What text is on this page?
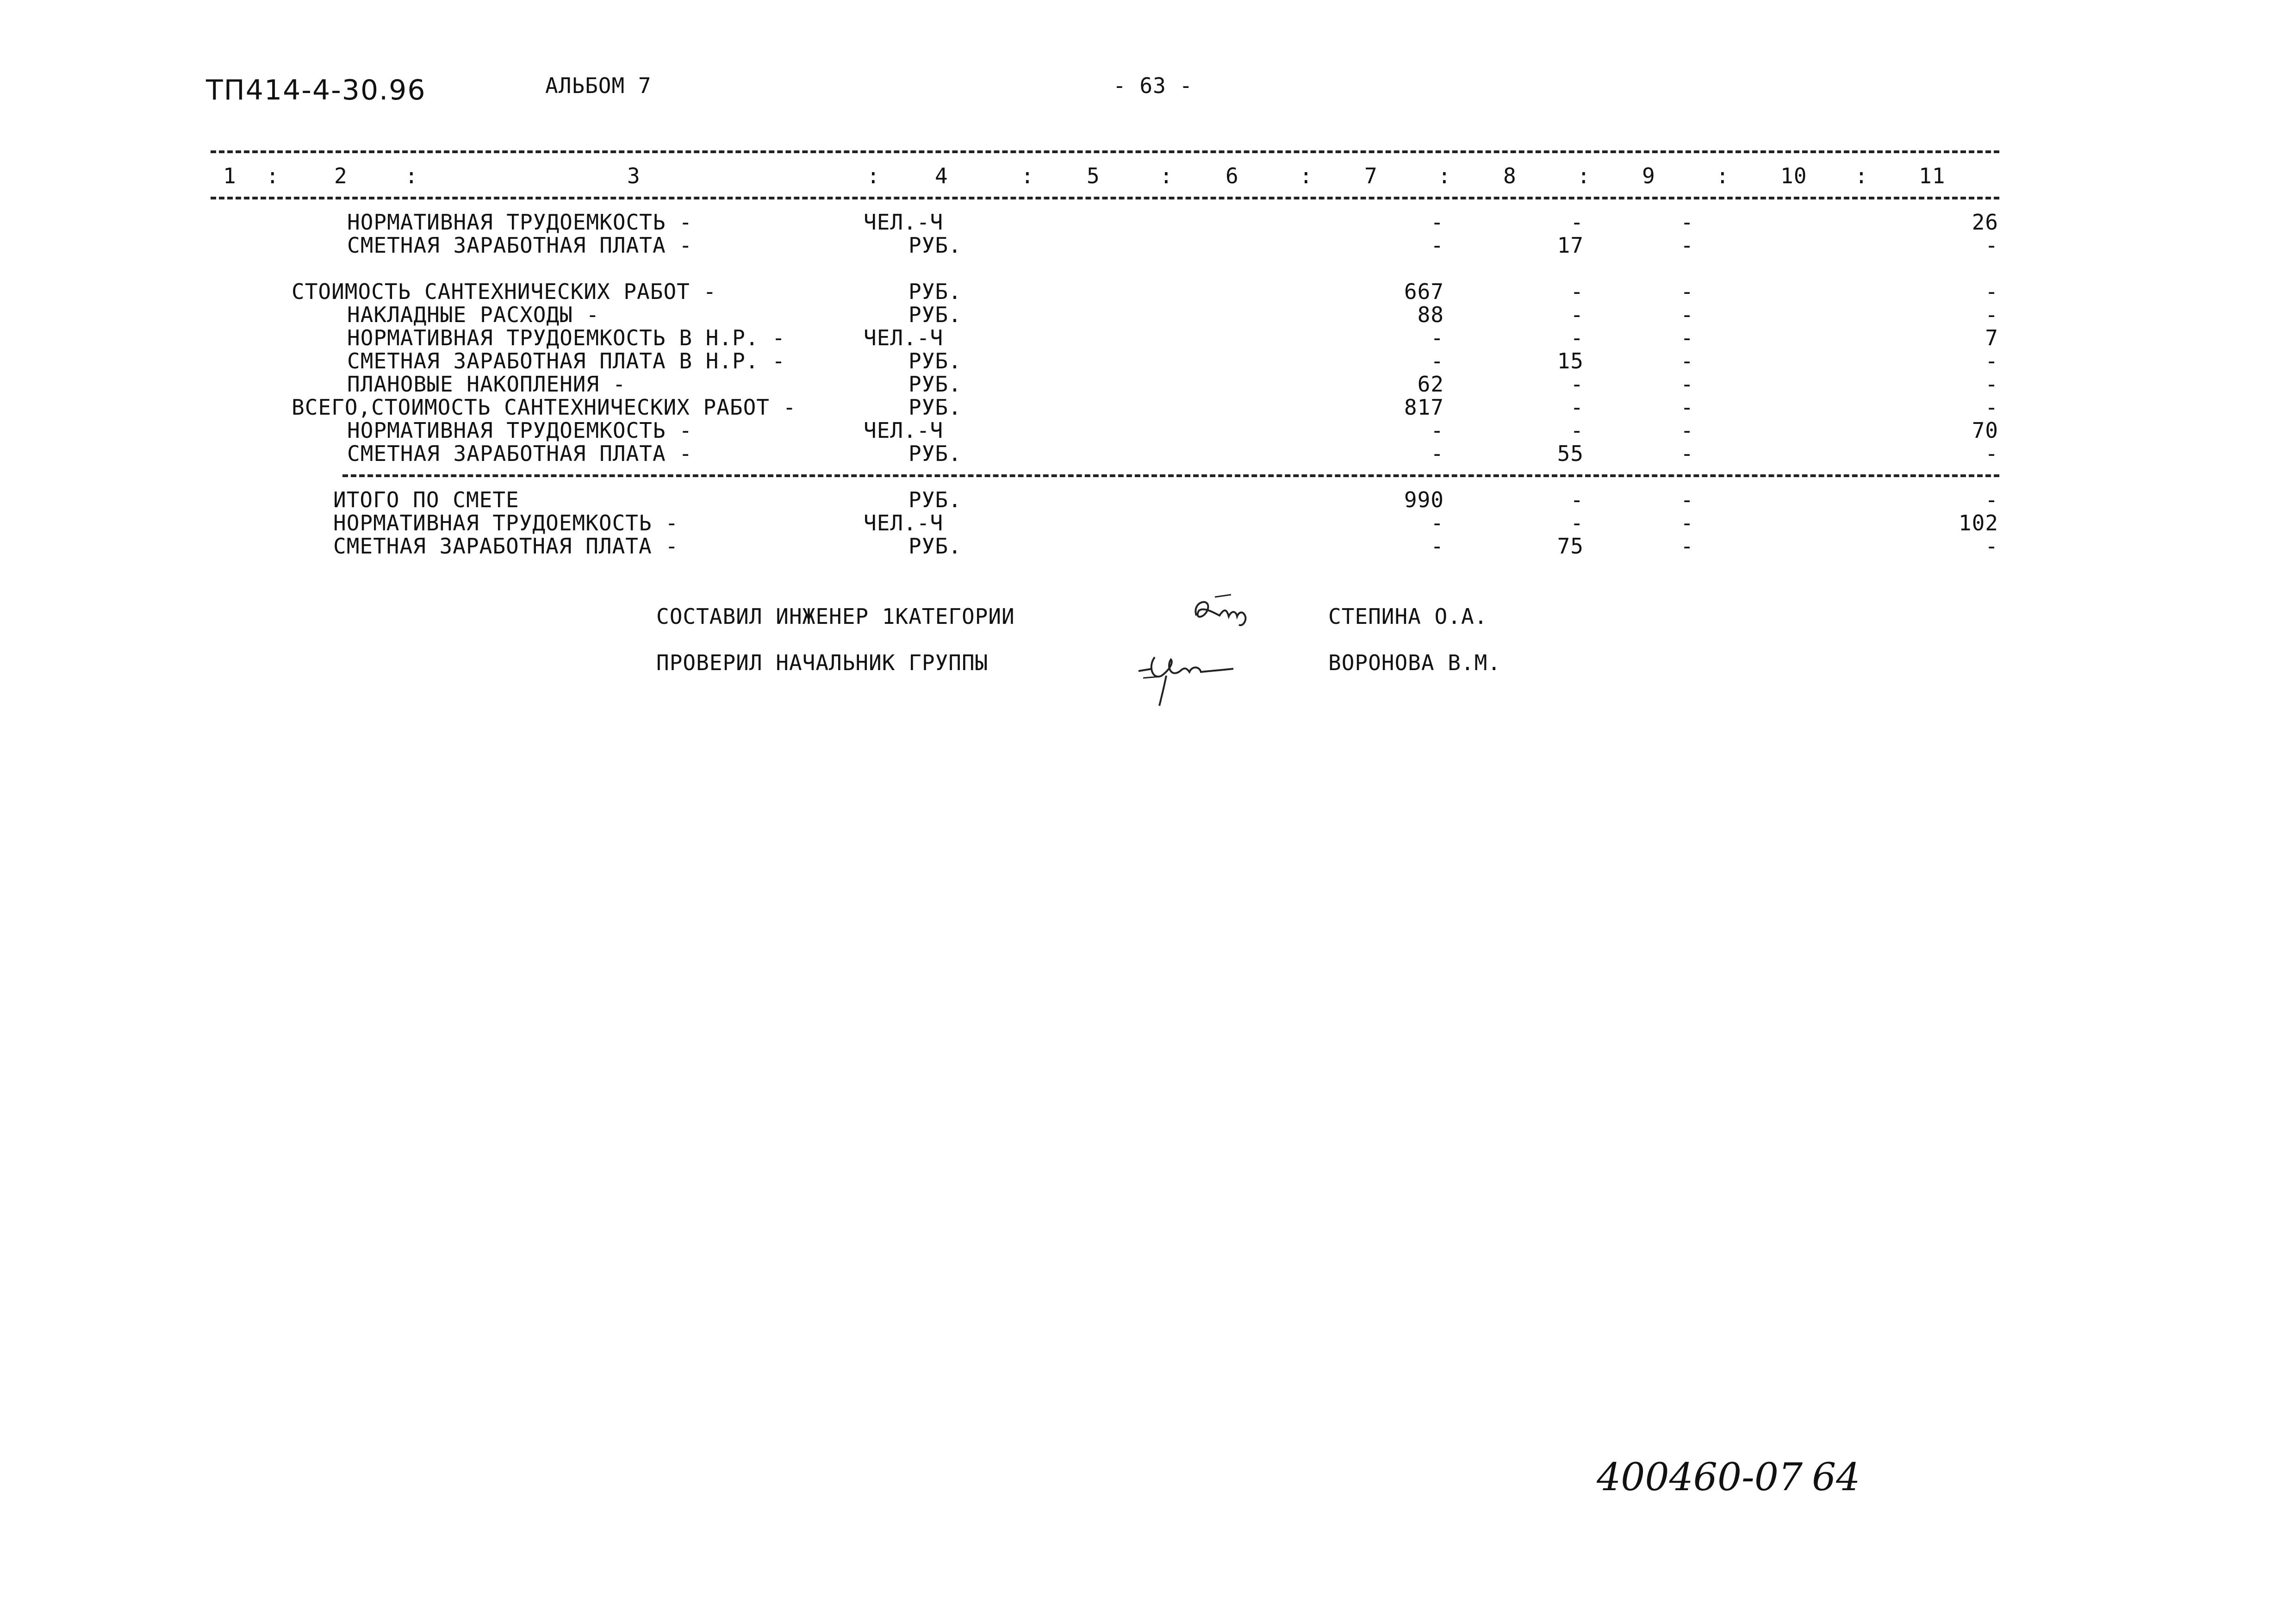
ТП414-4-30.96	АЛЬБОМ 7	- 63 -
1 :	2	:	3	:	4	: 5	: 6	: 7	: 8	: 9	: 10 : 11
НОРМАТИВНАЯ ТРУДОЕМКОСТЬ -	ЧЕЛ.-Ч	-	-	-	26
СМЕТНАЯ ЗАРАБОТНАЯ ПЛАТА -	РУБ.	-	17	-	-
СТОИМОСТЬ САНТЕХНИЧЕСКИХ РАБОТ -	РУБ.	667	-	-	-
НАКЛАДНЫЕ РАСХОДЫ -	РУБ.	88	-	-	-
НОРМАТИВНАЯ ТРУДОЕМКОСТЬ В Н.Р. -	ЧЕЛ.-Ч	-	-	-	7
СМЕТНАЯ ЗАРАБОТНАЯ ПЛАТА В Н.Р. -	РУБ.	-	15	-	-
ПЛАНОВЫЕ НАКОПЛЕНИЯ -	РУБ.	62	-	-	-
ВСЕГО,СТОИМОСТЬ САНТЕХНИЧЕСКИХ РАБОТ -	РУБ.	817	-	-	-
НОРМАТИВНАЯ ТРУДОЕМКОСТЬ -	ЧЕЛ.-Ч	-	-	-	70
СМЕТНАЯ ЗАРАБОТНАЯ ПЛАТА -	РУБ.	-	55	-	-
ИТОГО ПО СМЕТЕ	РУБ.	990	-	-	-
НОРМАТИВНАЯ ТРУДОЕМКОСТЬ -	ЧЕЛ.-Ч	-	-	-	102
СМЕТНАЯ ЗАРАБОТНАЯ ПЛАТА -	РУБ.	-	75	-	-
СОСТАВИЛ ИНЖЕНЕР 1КАТЕГОРИИ	СТЕПИНА О.А.
ПРОВЕРИЛ НАЧАЛЬНИК ГРУППЫ	ВОРОНОВА В.М.
400460-07 64
